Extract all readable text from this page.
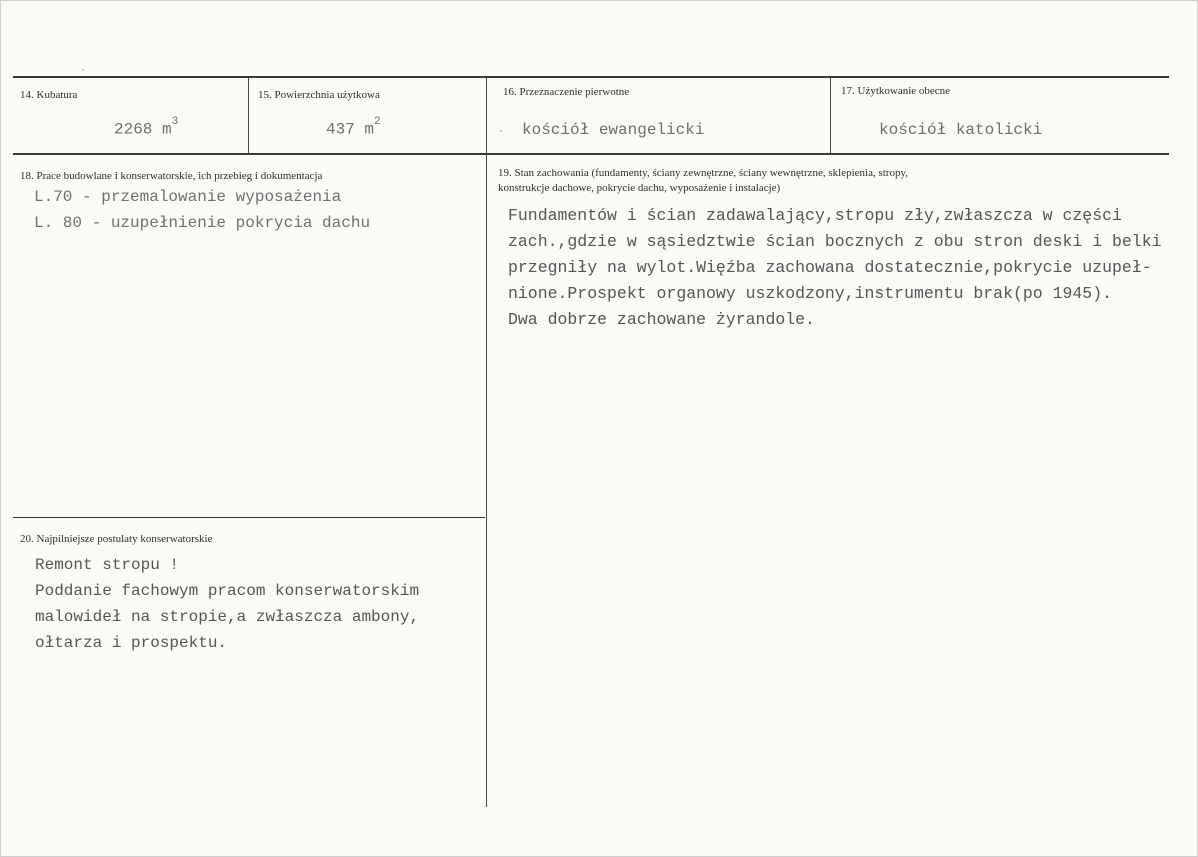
14. Kubatura
2268 $m^3$
15. Powierzchnia użytkowa
437 $m^2$
16. Przeznaczenie pierwotne
kościół ewangelicki
17. Użytkowanie obecne
kościół katolicki
18. Prace budowlane i konserwatorskie, ich przebieg i dokumentacja
L.70 - przemalowanie wyposażenia
L. 80 - uzupełnienie pokrycia dachu
19. Stan zachowania (fundamenty, ściany zewnętrzne, ściany wewnętrzne, sklepienia, stropy,
konstrukcje dachowe, pokrycie dachu, wyposażenie i instalacje)
Fundamentów i ścian zadawalający,stropu zły,zwłaszcza w części
zach.,gdzie w sąsiedztwie ścian bocznych z obu stron deski i belki
przegniły na wylot.Więźba zachowana dostatecznie,pokrycie uzupeł-
nione.Prospekt organowy uszkodzony,instrumentu brak(po 1945).
Dwa dobrze zachowane żyrandole.
20. Najpilniejsze postulaty konserwatorskie
Remont stropu !
Poddanie fachowym pracom konserwatorskim
malowideł na stropie,a zwłaszcza ambony,
ołtarza i prospektu.
